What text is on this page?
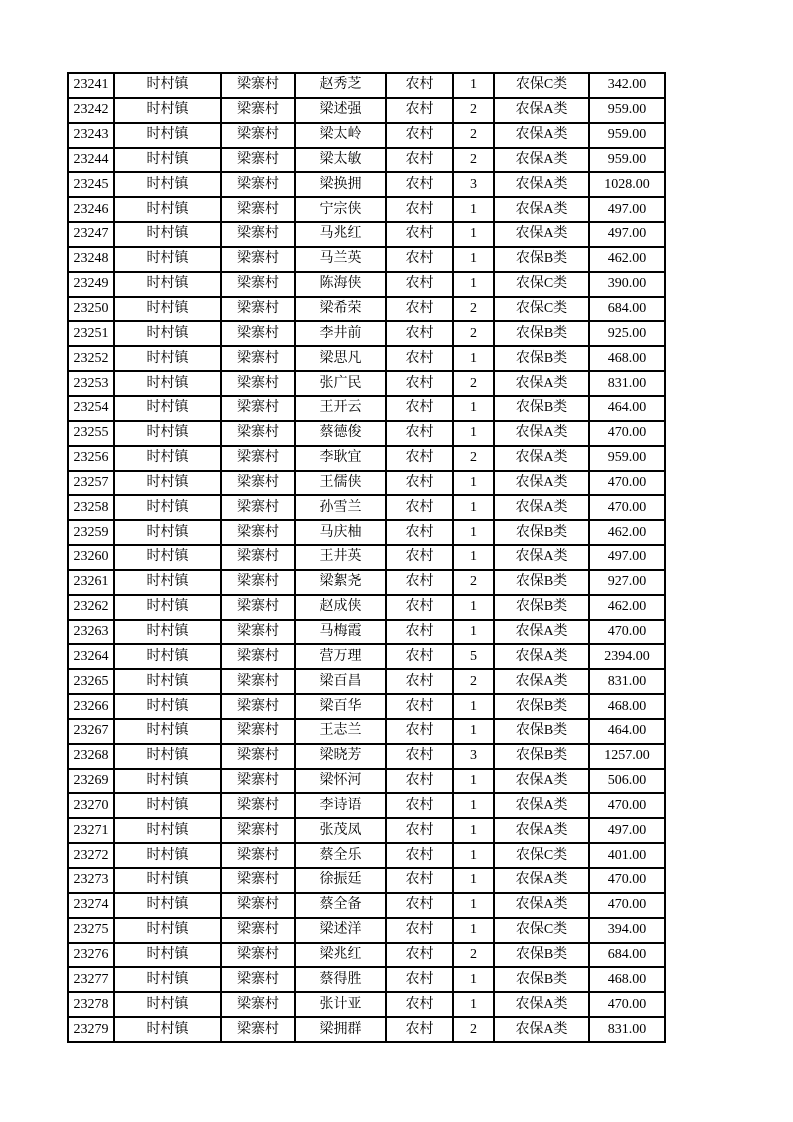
23241	时村镇	梁寨村	赵秀芝	农村	1	农保C类	342.00
23242	时村镇	梁寨村	梁述强	农村	2	农保A类	959.00
23243	时村镇	梁寨村	梁太岭	农村	2	农保A类	959.00
23244	时村镇	梁寨村	梁太敏	农村	2	农保A类	959.00
23245	时村镇	梁寨村	梁换拥	农村	3	农保A类	1028.00
23246	时村镇	梁寨村	宁宗侠	农村	1	农保A类	497.00
23247	时村镇	梁寨村	马兆红	农村	1	农保A类	497.00
23248	时村镇	梁寨村	马兰英	农村	1	农保B类	462.00
23249	时村镇	梁寨村	陈海侠	农村	1	农保C类	390.00
23250	时村镇	梁寨村	梁希荣	农村	2	农保C类	684.00
23251	时村镇	梁寨村	李井前	农村	2	农保B类	925.00
23252	时村镇	梁寨村	梁思凡	农村	1	农保B类	468.00
23253	时村镇	梁寨村	张广民	农村	2	农保A类	831.00
23254	时村镇	梁寨村	王开云	农村	1	农保B类	464.00
23255	时村镇	梁寨村	蔡德俊	农村	1	农保A类	470.00
23256	时村镇	梁寨村	李耿宜	农村	2	农保A类	959.00
23257	时村镇	梁寨村	王儒侠	农村	1	农保A类	470.00
23258	时村镇	梁寨村	孙雪兰	农村	1	农保A类	470.00
23259	时村镇	梁寨村	马庆柚	农村	1	农保B类	462.00
23260	时村镇	梁寨村	王井英	农村	1	农保A类	497.00
23261	时村镇	梁寨村	梁絮尧	农村	2	农保B类	927.00
23262	时村镇	梁寨村	赵成侠	农村	1	农保B类	462.00
23263	时村镇	梁寨村	马梅霞	农村	1	农保A类	470.00
23264	时村镇	梁寨村	营万理	农村	5	农保A类	2394.00
23265	时村镇	梁寨村	梁百昌	农村	2	农保A类	831.00
23266	时村镇	梁寨村	梁百华	农村	1	农保B类	468.00
23267	时村镇	梁寨村	王志兰	农村	1	农保B类	464.00
23268	时村镇	梁寨村	梁晓芳	农村	3	农保B类	1257.00
23269	时村镇	梁寨村	梁怀河	农村	1	农保A类	506.00
23270	时村镇	梁寨村	李诗语	农村	1	农保A类	470.00
23271	时村镇	梁寨村	张茂凤	农村	1	农保A类	497.00
23272	时村镇	梁寨村	蔡全乐	农村	1	农保C类	401.00
23273	时村镇	梁寨村	徐振廷	农村	1	农保A类	470.00
23274	时村镇	梁寨村	蔡全备	农村	1	农保A类	470.00
23275	时村镇	梁寨村	梁述洋	农村	1	农保C类	394.00
23276	时村镇	梁寨村	梁兆红	农村	2	农保B类	684.00
23277	时村镇	梁寨村	蔡得胜	农村	1	农保B类	468.00
23278	时村镇	梁寨村	张计亚	农村	1	农保A类	470.00
23279	时村镇	梁寨村	梁拥群	农村	2	农保A类	831.00
